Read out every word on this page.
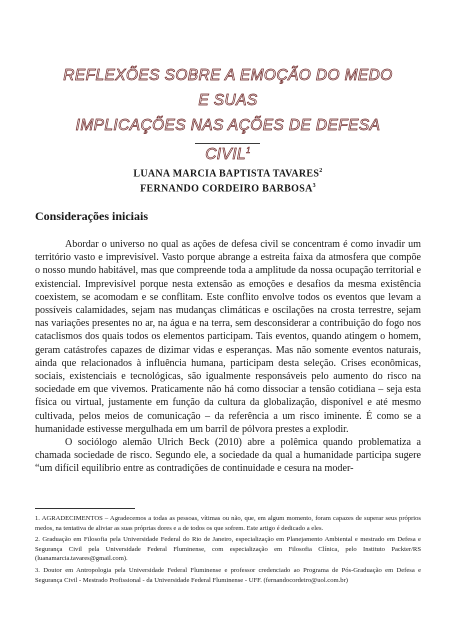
REFLEXÕES SOBRE A EMOÇÃO DO MEDO E SUAS
IMPLICAÇÕES NAS AÇÕES DE DEFESA CIVIL$^1$
LUANA MARCIA BAPTISTA TAVARES$^2$
FERNANDO CORDEIRO BARBOSA$^3$
Considerações iniciais

Abordar o universo no qual as ações de defesa civil se concentram é como invadir um território vasto e imprevisível. Vasto porque abrange a estreita faixa da atmosfera que compõe o nosso mundo habitável, mas que compreende toda a amplitude da nossa ocupação territorial e existencial. Imprevisível porque nesta extensão as emoções e desafios da mesma existência coexistem, se acomodam e se conflitam. Este conflito envolve todos os eventos que levam a possíveis calamidades, sejam nas mudanças climáticas e oscilações na crosta terrestre, sejam nas variações presentes no ar, na água e na terra, sem desconsiderar a contribuição do fogo nos cataclismos dos quais todos os elementos participam. Tais eventos, quando atingem o homem, geram catástrofes capazes de dizimar vidas e esperanças. Mas não somente eventos naturais, ainda que relacionados à influência humana, participam desta seleção. Crises econômicas, sociais, existenciais e tecnológicas, são igualmente responsáveis pelo aumento do risco na sociedade em que vivemos. Praticamente não há como dissociar a tensão cotidiana – seja esta física ou virtual, justamente em função da cultura da globalização, disponível e até mesmo cultivada, pelos meios de comunicação – da referência a um risco iminente. É como se a humanidade estivesse mergulhada em um barril de pólvora prestes a explodir.

O sociólogo alemão Ulrich Beck (2010) abre a polêmica quando problematiza a chamada sociedade de risco. Segundo ele, a sociedade da qual a humanidade participa sugere “um difícil equilíbrio entre as contradições de continuidade e cesura na moder-

1. AGRADECIMENTOS – Agradecemos a todas as pessoas, vítimas ou não, que, em algum momento, foram capazes de superar seus próprios medos, na tentativa de aliviar as suas próprias dores e a de todos os que sofrem. Este artigo é dedicado a eles.

2. Graduação em Filosofia pela Universidade Federal do Rio de Janeiro, especialização em Planejamento Ambiental e mestrado em Defesa e Segurança Civil pela Universidade Federal Fluminense, com especialização em Filosofia Clínica, pelo Instituto Packter/RS (luanamarcia.tavares@gmail.com).

3. Doutor em Antropologia pela Universidade Federal Fluminense e professor credenciado ao Programa de Pós-Graduação em Defesa e Segurança Civil - Mestrado Profissional - da Universidade Federal Fluminense - UFF. (fernandocordeiro@uol.com.br)
